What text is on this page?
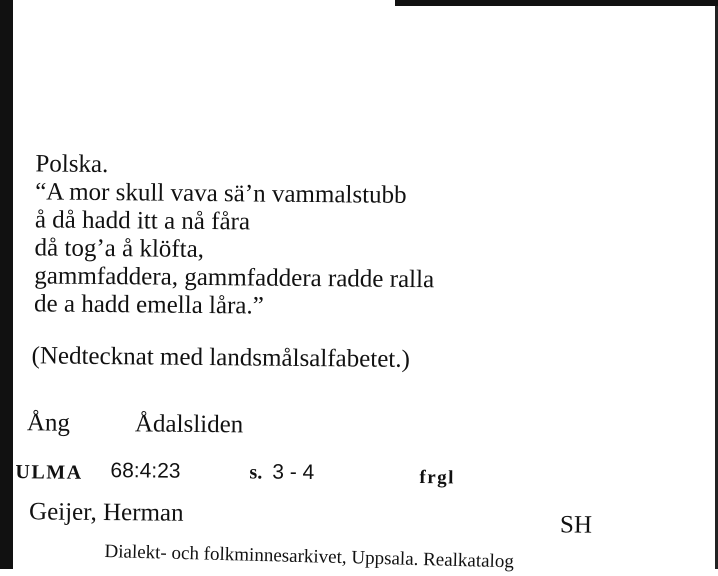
Polska.
“A mor skull vava sä’n vammalstubb
å då hadd itt a nå fåra
då tog’a å klöfta,
gammfaddera, gammfaddera radde ralla
de a hadd emella låra.”
(Nedtecknat med landsmålsalfabetet.)
Ång	Ådalsliden
ULMA 68:4:23	s. 3 - 4	frgl
Geijer, Herman	SH
Dialekt- och folkminnesarkivet, Uppsala. Realkatalog
